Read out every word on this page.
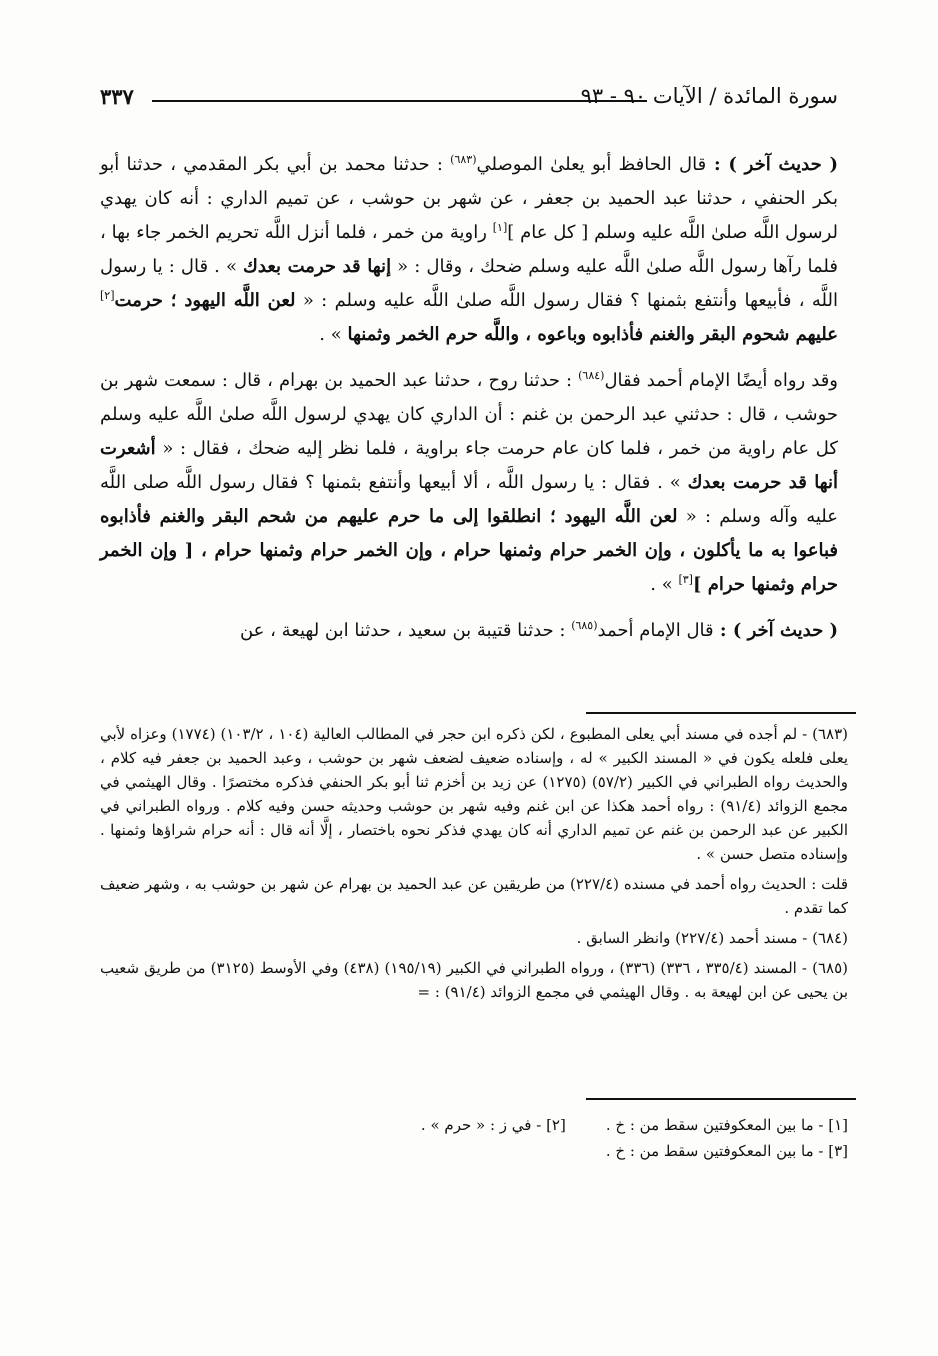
سورة المائدة / الآيات ٩٠ - ٩٣
٣٣٧

( حديث آخر ) : قال الحافظ أبو يعلىٰ الموصلي$^{(٦٨٣)}$ : حدثنا محمد بن أبي بكر المقدمي ، حدثنا أبو بكر الحنفي ، حدثنا عبد الحميد بن جعفر ، عن شهر بن حوشب ، عن تميم الداري : أنه كان يهدي لرسول اللَّه صلىٰ اللَّه عليه وسلم [ كل عام ][١] راوية من خمر ، فلما أنزل اللَّه تحريم الخمر جاء بها ، فلما رآها رسول اللَّه صلىٰ اللَّه عليه وسلم ضحك ، وقال : « إنها قد حرمت بعدك » . قال : يا رسول اللَّه ، فأبيعها وأنتفع بثمنها ؟ فقال رسول اللَّه صلىٰ اللَّه عليه وسلم : « لعن اللَّه اليهود ؛ حرمت[٢] عليهم شحوم البقر والغنم فأذابوه وباعوه ، واللَّه حرم الخمر وثمنها » .

وقد رواه أيضًا الإمام أحمد فقال$^{(٦٨٤)}$ : حدثنا روح ، حدثنا عبد الحميد بن بهرام ، قال : سمعت شهر بن حوشب ، قال : حدثني عبد الرحمن بن غنم : أن الداري كان يهدي لرسول اللَّه صلىٰ اللَّه عليه وسلم كل عام راوية من خمر ، فلما كان عام حرمت جاء براوية ، فلما نظر إليه ضحك ، فقال : « أشعرت أنها قد حرمت بعدك » . فقال : يا رسول اللَّه ، ألا أبيعها وأنتفع بثمنها ؟ فقال رسول اللَّه صلى اللَّه عليه وآله وسلم : « لعن اللَّه اليهود ؛ انطلقوا إلى ما حرم عليهم من شحم البقر والغنم فأذابوه فباعوا به ما يأكلون ، وإن الخمر حرام وثمنها حرام ، وإن الخمر حرام وثمنها حرام ، [ وإن الخمر حرام وثمنها حرام ][٣] » .

( حديث آخر ) : قال الإمام أحمد$^{(٦٨٥)}$ : حدثنا قتيبة بن سعيد ، حدثنا ابن لهيعة ، عن

(٦٨٣) - لم أجده في مسند أبي يعلى المطبوع ، لكن ذكره ابن حجر في المطالب العالية (١٠٤ ، ١٠٣/٢) (١٧٧٤) وعزاه لأبي يعلى فلعله يكون في « المسند الكبير » له ، وإسناده ضعيف لضعف شهر بن حوشب ، وعبد الحميد بن جعفر فيه كلام ، والحديث رواه الطبراني في الكبير (٥٧/٢) (١٢٧٥) عن زيد بن أخزم ثنا أبو بكر الحنفي فذكره مختصرًا . وقال الهيثمي في مجمع الزوائد (٩١/٤) : رواه أحمد هكذا عن ابن غنم وفيه شهر بن حوشب وحديثه حسن وفيه كلام . ورواه الطبراني في الكبير عن عبد الرحمن بن غنم عن تميم الداري أنه كان يهدي فذكر نحوه باختصار ، إلَّا أنه قال : أنه حرام شراؤها وثمنها . وإسناده متصل حسن » .

قلت : الحديث رواه أحمد في مسنده (٢٢٧/٤) من طريقين عن عبد الحميد بن بهرام عن شهر بن حوشب به ، وشهر ضعيف كما تقدم .

(٦٨٤) - مسند أحمد (٢٢٧/٤) وانظر السابق .

(٦٨٥) - المسند (٣٣٥/٤ ، ٣٣٦) (٣٣٦) ، ورواه الطبراني في الكبير (١٩٥/١٩) (٤٣٨) وفي الأوسط (٣١٢٥) من طريق شعيب بن يحيى عن ابن لهيعة به . وقال الهيثمي في مجمع الزوائد (٩١/٤) : =

[١] - ما بين المعكوفتين سقط من : خ .
[٢] - في ز : « حرم » .
[٣] - ما بين المعكوفتين سقط من : خ .
